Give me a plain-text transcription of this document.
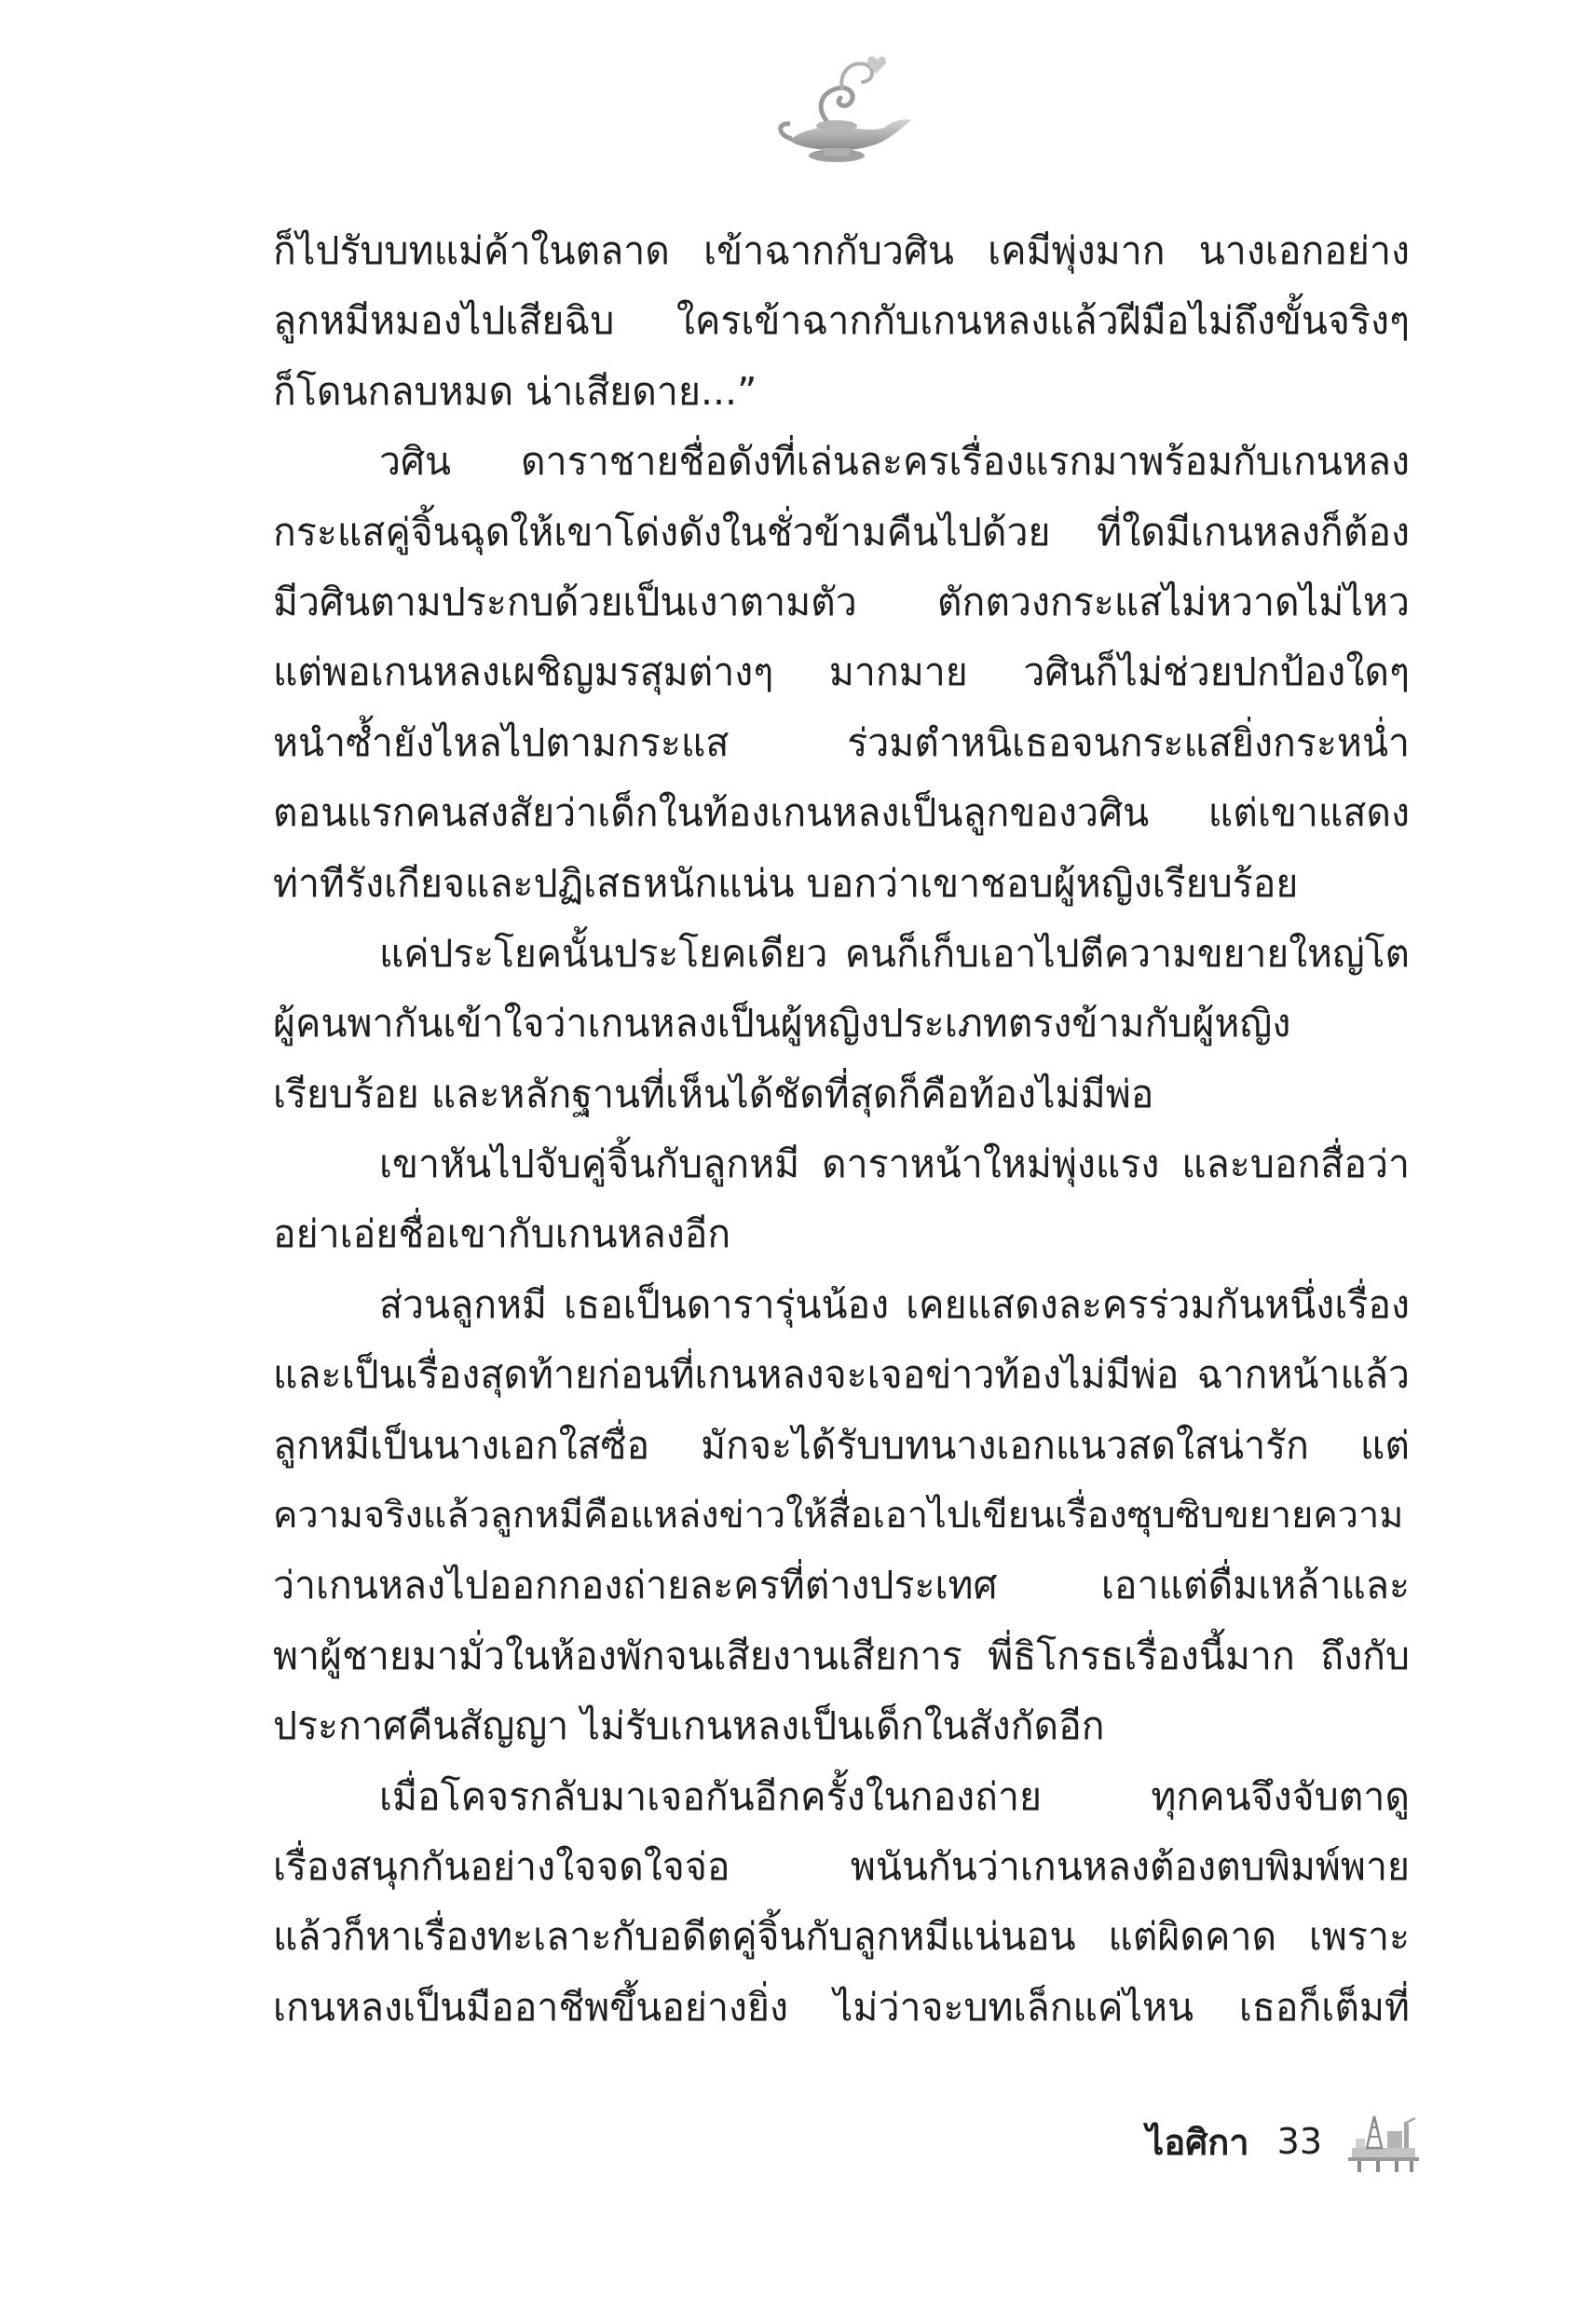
ก็ไปรับบทแม่ค้าในตลาด เข้าฉากกับวศิน เคมีพุ่งมาก นางเอกอย่าง
ลูกหมีหมองไปเสียฉิบ ใครเข้าฉากกับเกนหลงแล้วฝีมือไม่ถึงขั้นจริงๆ
ก็โดนกลบหมด น่าเสียดาย...”
วศิน ดาราชายชื่อดังที่เล่นละครเรื่องแรกมาพร้อมกับเกนหลง
กระแสคู่จิ้นฉุดให้เขาโด่งดังในชั่วข้ามคืนไปด้วย ที่ใดมีเกนหลงก็ต้อง
มีวศินตามประกบด้วยเป็นเงาตามตัว ตักตวงกระแสไม่หวาดไม่ไหว
แต่พอเกนหลงเผชิญมรสุมต่างๆ มากมาย วศินก็ไม่ช่วยปกป้องใดๆ
หนำซ้ำยังไหลไปตามกระแส ร่วมตำหนิเธอจนกระแสยิ่งกระหน่ำ
ตอนแรกคนสงสัยว่าเด็กในท้องเกนหลงเป็นลูกของวศิน แต่เขาแสดง
ท่าทีรังเกียจและปฏิเสธหนักแน่น บอกว่าเขาชอบผู้หญิงเรียบร้อย
แค่ประโยคนั้นประโยคเดียว คนก็เก็บเอาไปตีความขยายใหญ่โต
ผู้คนพากันเข้าใจว่าเกนหลงเป็นผู้หญิงประเภทตรงข้ามกับผู้หญิง
เรียบร้อย และหลักฐานที่เห็นได้ชัดที่สุดก็คือท้องไม่มีพ่อ
เขาหันไปจับคู่จิ้นกับลูกหมี ดาราหน้าใหม่พุ่งแรง และบอกสื่อว่า
อย่าเอ่ยชื่อเขากับเกนหลงอีก
ส่วนลูกหมี เธอเป็นดารารุ่นน้อง เคยแสดงละครร่วมกันหนึ่งเรื่อง
และเป็นเรื่องสุดท้ายก่อนที่เกนหลงจะเจอข่าวท้องไม่มีพ่อ ฉากหน้าแล้ว
ลูกหมีเป็นนางเอกใสซื่อ มักจะได้รับบทนางเอกแนวสดใสน่ารัก แต่
ความจริงแล้วลูกหมีคือแหล่งข่าวให้สื่อเอาไปเขียนเรื่องซุบซิบขยายความ
ว่าเกนหลงไปออกกองถ่ายละครที่ต่างประเทศ เอาแต่ดื่มเหล้าและ
พาผู้ชายมามั่วในห้องพักจนเสียงานเสียการ พี่ธิโกรธเรื่องนี้มาก ถึงกับ
ประกาศคืนสัญญา ไม่รับเกนหลงเป็นเด็กในสังกัดอีก
เมื่อโคจรกลับมาเจอกันอีกครั้งในกองถ่าย ทุกคนจึงจับตาดู
เรื่องสนุกกันอย่างใจจดใจจ่อ พนันกันว่าเกนหลงต้องตบพิมพ์พาย
แล้วก็หาเรื่องทะเลาะกับอดีตคู่จิ้นกับลูกหมีแน่นอน แต่ผิดคาด เพราะ
เกนหลงเป็นมืออาชีพขึ้นอย่างยิ่ง ไม่ว่าจะบทเล็กแค่ไหน เธอก็เต็มที่
ไอศิกา 33
